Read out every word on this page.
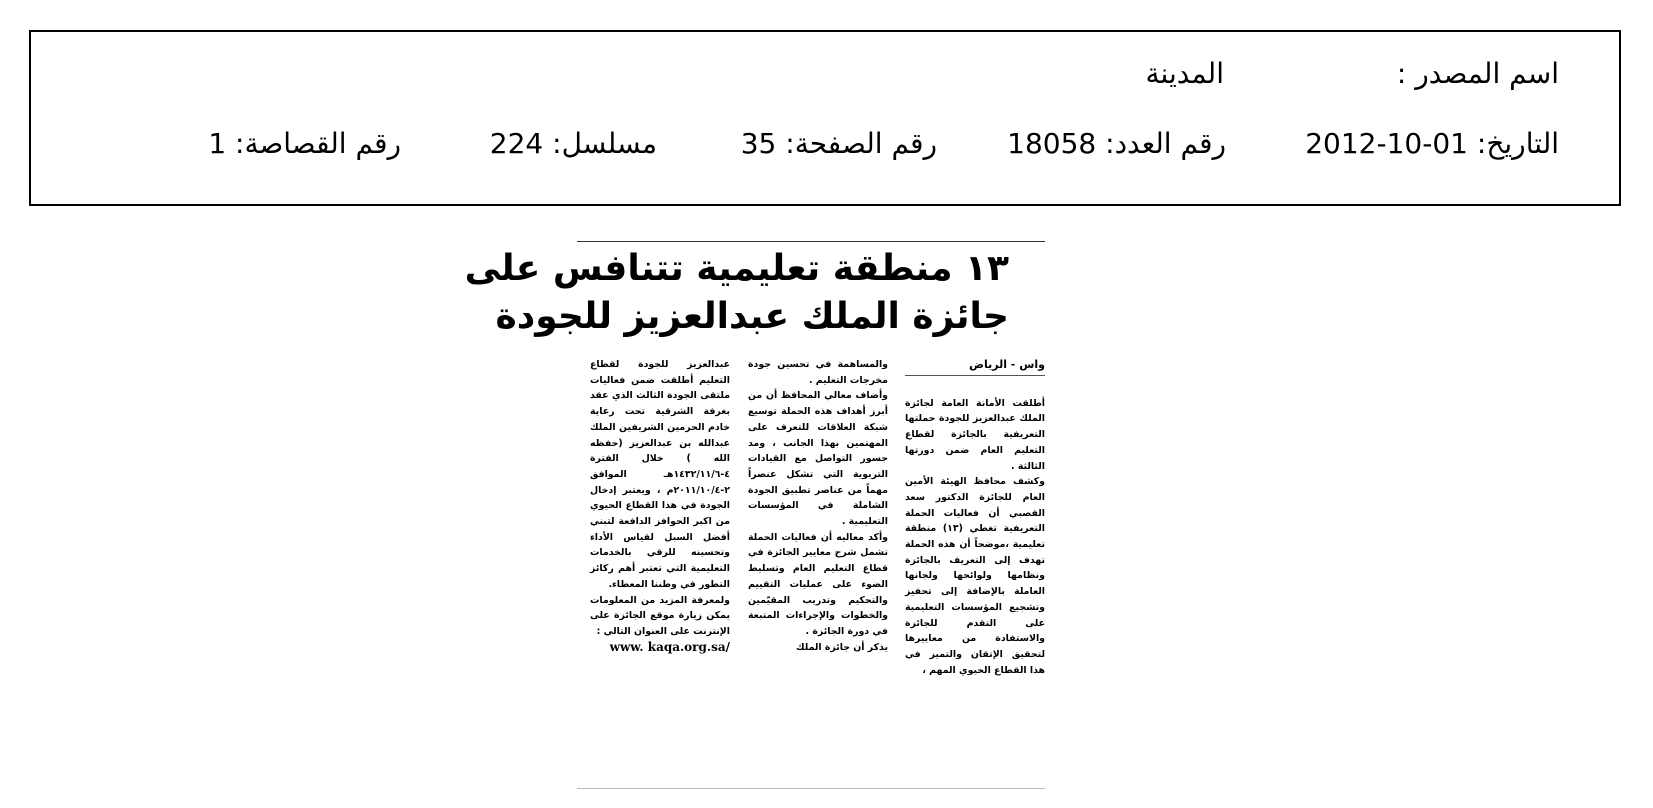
اسم المصدر :
المدينة
التاريخ: 01-10-2012
رقم العدد: 18058
رقم الصفحة: 35
مسلسل: 224
رقم القصاصة: 1
١٣ منطقة تعليمية تتنافس على
جائزة الملك عبدالعزيز للجودة
واس - الرياض

أطلقت الأمانة العامة لجائزة الملك عبدالعزيز للجودة حملتها التعريفية بالجائزة لقطاع التعليم العام ضمن دورتها الثالثة .

وكشف محافظ الهيئة الأمين العام للجائزة الدكتور سعد القصبي أن فعاليات الحملة التعريفية تغطي (١٣) منطقة تعليمية ،موضحاً أن هذه الحملة تهدف إلى التعريف بالجائزة ونظامها ولوائحها ولجانها العاملة بالإضافة إلى تحفيز وتشجيع المؤسسات التعليمية على التقدم للجائزة والاستفادة من معاييرها لتحقيق الإتقان والتميز في هذا القطاع الحيوي المهم ،

والمساهمة في تحسين جودة مخرجات التعليم .

وأضاف معالي المحافظ أن من أبرز أهداف هذه الحملة توسيع شبكة العلاقات للتعرف على المهتمين بهذا الجانب ، ومد جسور التواصل مع القيادات التربوية التي تشكل عنصراً مهماً من عناصر تطبيق الجودة الشاملة في المؤسسات التعليمية .

وأكد معاليه أن فعاليات الحملة تشمل شرح معايير الجائزة في قطاع التعليم العام وتسليط الضوء على عمليات التقييم والتحكيم وتدريب المقيّمين والخطوات والإجراءات المتبعة في دورة الجائزة .

يذكر أن جائزة الملك

عبدالعزيز للجودة لقطاع التعليم أطلقت ضمن فعاليات ملتقى الجودة الثالث الذي عقد بغرفة الشرقية تحت رعاية خادم الحرمين الشريفين الملك عبدالله بن عبدالعزيز (حفظه الله ) خلال الفترة ٤-١٤٣٢/١١/٦هـ الموافق ٢-٢٠١١/١٠/٤م ، ويعتبر إدخال الجودة في هذا القطاع الحيوي من اكبر الحوافز الدافعة لتبني أفضل السبل لقياس الأداء وتحسينه للرقي بالخدمات التعليمية التي تعتبر أهم ركائز التطور في وطننا المعطاء.

ولمعرفة المزيد من المعلومات يمكن زيارة موقع الجائزة على الإنترنت على العنوان التالي :

www. kaqa.org.sa/
